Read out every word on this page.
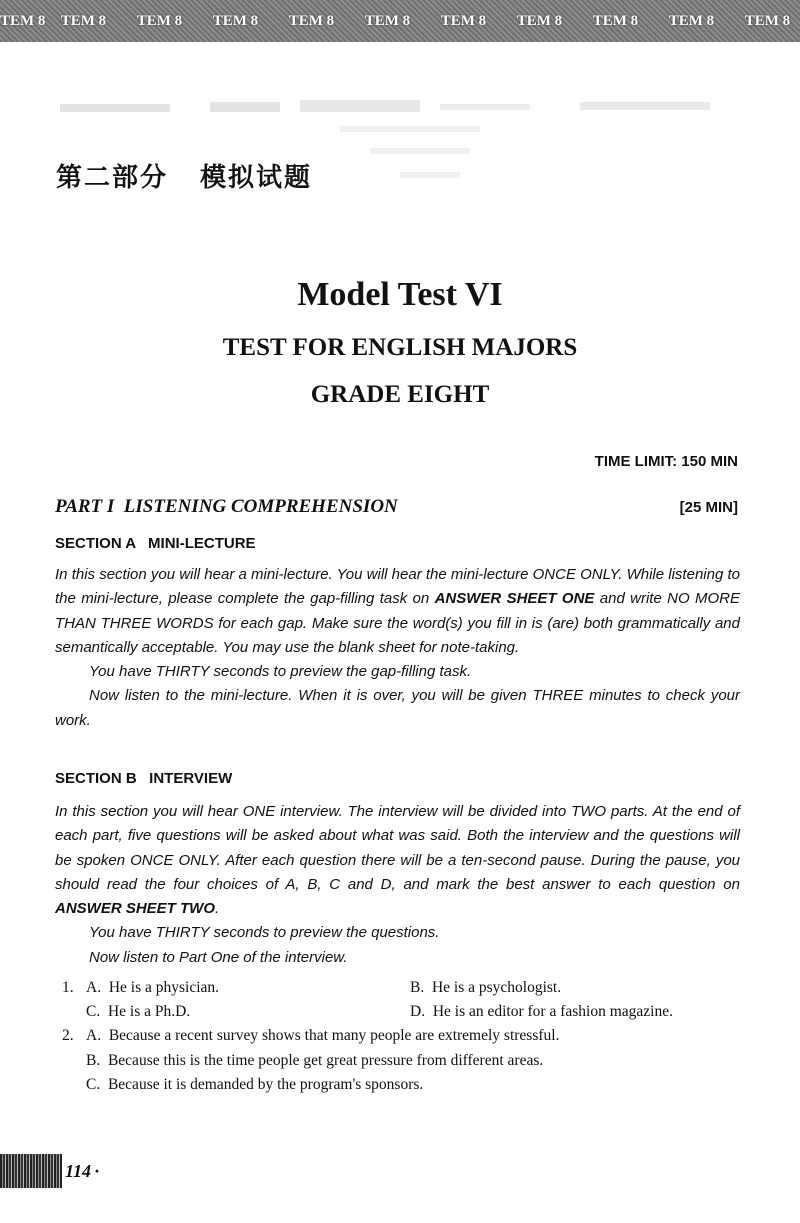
TEM 8	TEM 8	TEM 8	TEM 8	TEM 8	TEM 8	TEM 8	TEM 8	TEM 8	TEM 8	TEM 8
第二部分 模拟试题
Model Test VI
TEST FOR ENGLISH MAJORS
GRADE EIGHT
TIME LIMIT: 150 MIN
PART I  LISTENING COMPREHENSION	[25 MIN]
SECTION A   MINI-LECTURE

In this section you will hear a mini-lecture. You will hear the mini-lecture ONCE ONLY. While listening to the mini-lecture, please complete the gap-filling task on ANSWER SHEET ONE and write NO MORE THAN THREE WORDS for each gap. Make sure the word(s) you fill in is (are) both grammatically and semantically acceptable. You may use the blank sheet for note-taking.

You have THIRTY seconds to preview the gap-filling task.

Now listen to the mini-lecture. When it is over, you will be given THREE minutes to check your work.

SECTION B   INTERVIEW

In this section you will hear ONE interview. The interview will be divided into TWO parts. At the end of each part, five questions will be asked about what was said. Both the interview and the questions will be spoken ONCE ONLY. After each question there will be a ten-second pause. During the pause, you should read the four choices of A, B, C and D, and mark the best answer to each question on ANSWER SHEET TWO.

You have THIRTY seconds to preview the questions.

Now listen to Part One of the interview.

1. A.  He is a physician.	B.  He is a psychologist.
C.  He is a Ph.D.	D.  He is an editor for a fashion magazine.
2. A.  Because a recent survey shows that many people are extremely stressful.
B.  Because this is the time people get great pressure from different areas.
C.  Because it is demanded by the program's sponsors.
114 ·
